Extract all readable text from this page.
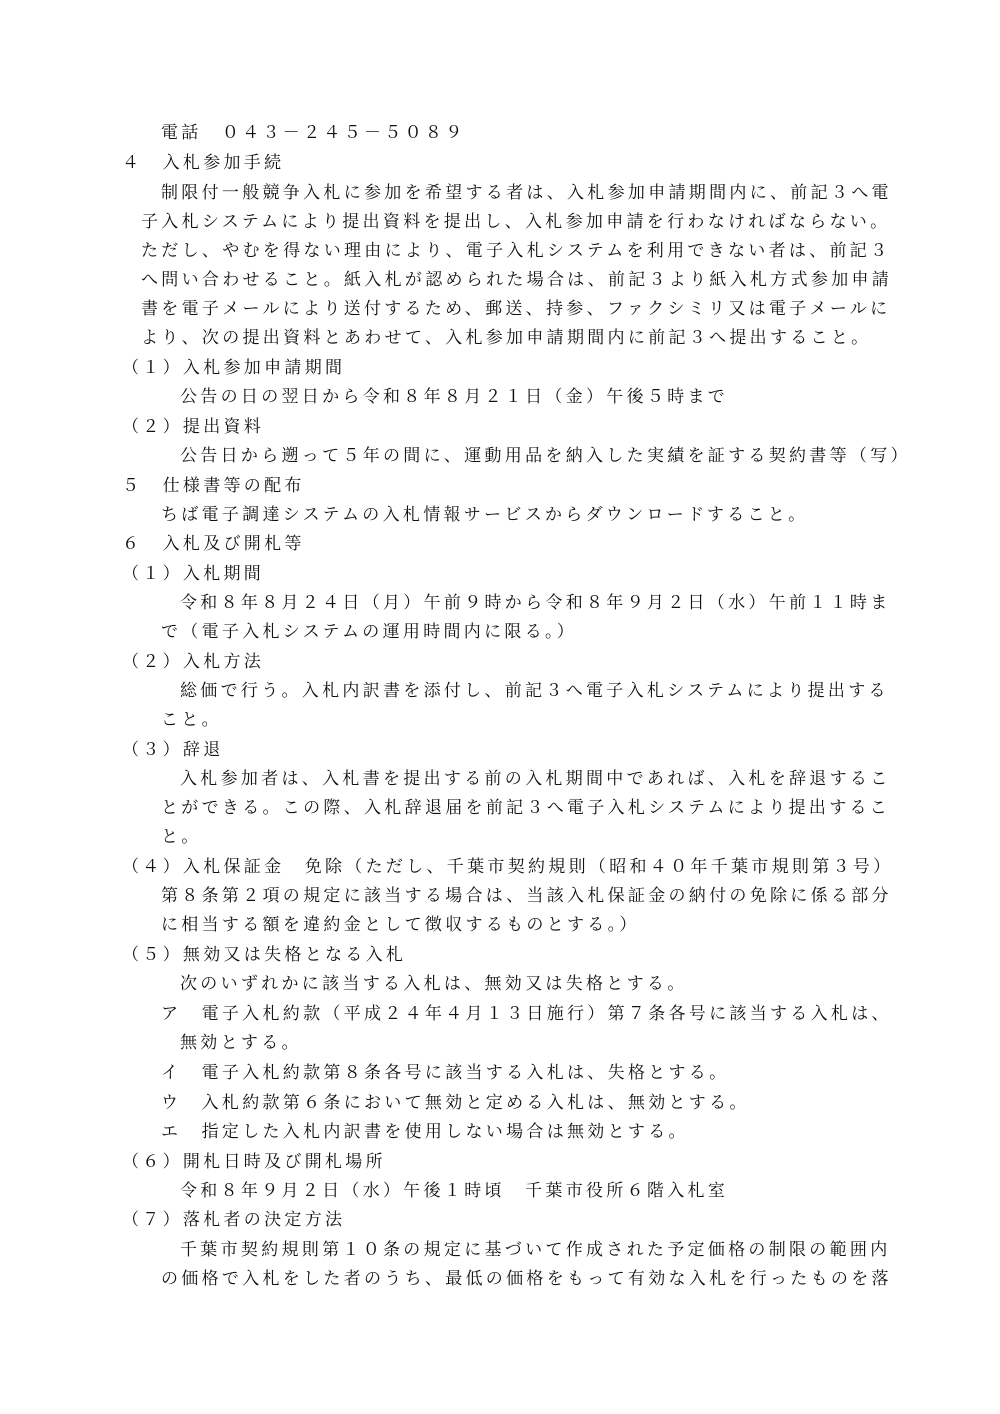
電話　０４３－２４５－５０８９
４　入札参加手続
制限付一般競争入札に参加を希望する者は、入札参加申請期間内に、前記３へ電
子入札システムにより提出資料を提出し、入札参加申請を行わなければならない。
ただし、やむを得ない理由により、電子入札システムを利用できない者は、前記３
へ問い合わせること。紙入札が認められた場合は、前記３より紙入札方式参加申請
書を電子メールにより送付するため、郵送、持参、ファクシミリ又は電子メールに
より、次の提出資料とあわせて、入札参加申請期間内に前記３へ提出すること。
（１）入札参加申請期間
公告の日の翌日から令和８年８月２１日（金）午後５時まで
（２）提出資料
公告日から遡って５年の間に、運動用品を納入した実績を証する契約書等（写）
５　仕様書等の配布
ちば電子調達システムの入札情報サービスからダウンロードすること。
６　入札及び開札等
（１）入札期間
令和８年８月２４日（月）午前９時から令和８年９月２日（水）午前１１時ま
で（電子入札システムの運用時間内に限る。）
（２）入札方法
総価で行う。入札内訳書を添付し、前記３へ電子入札システムにより提出する
こと。
（３）辞退
入札参加者は、入札書を提出する前の入札期間中であれば、入札を辞退するこ
とができる。この際、入札辞退届を前記３へ電子入札システムにより提出するこ
と。
（４）入札保証金　免除（ただし、千葉市契約規則（昭和４０年千葉市規則第３号）
第８条第２項の規定に該当する場合は、当該入札保証金の納付の免除に係る部分
に相当する額を違約金として徴収するものとする。）
（５）無効又は失格となる入札
次のいずれかに該当する入札は、無効又は失格とする。
ア　電子入札約款（平成２４年４月１３日施行）第７条各号に該当する入札は、
無効とする。
イ　電子入札約款第８条各号に該当する入札は、失格とする。
ウ　入札約款第６条において無効と定める入札は、無効とする。
エ　指定した入札内訳書を使用しない場合は無効とする。
（６）開札日時及び開札場所
令和８年９月２日（水）午後１時頃　千葉市役所６階入札室
（７）落札者の決定方法
千葉市契約規則第１０条の規定に基づいて作成された予定価格の制限の範囲内
の価格で入札をした者のうち、最低の価格をもって有効な入札を行ったものを落
